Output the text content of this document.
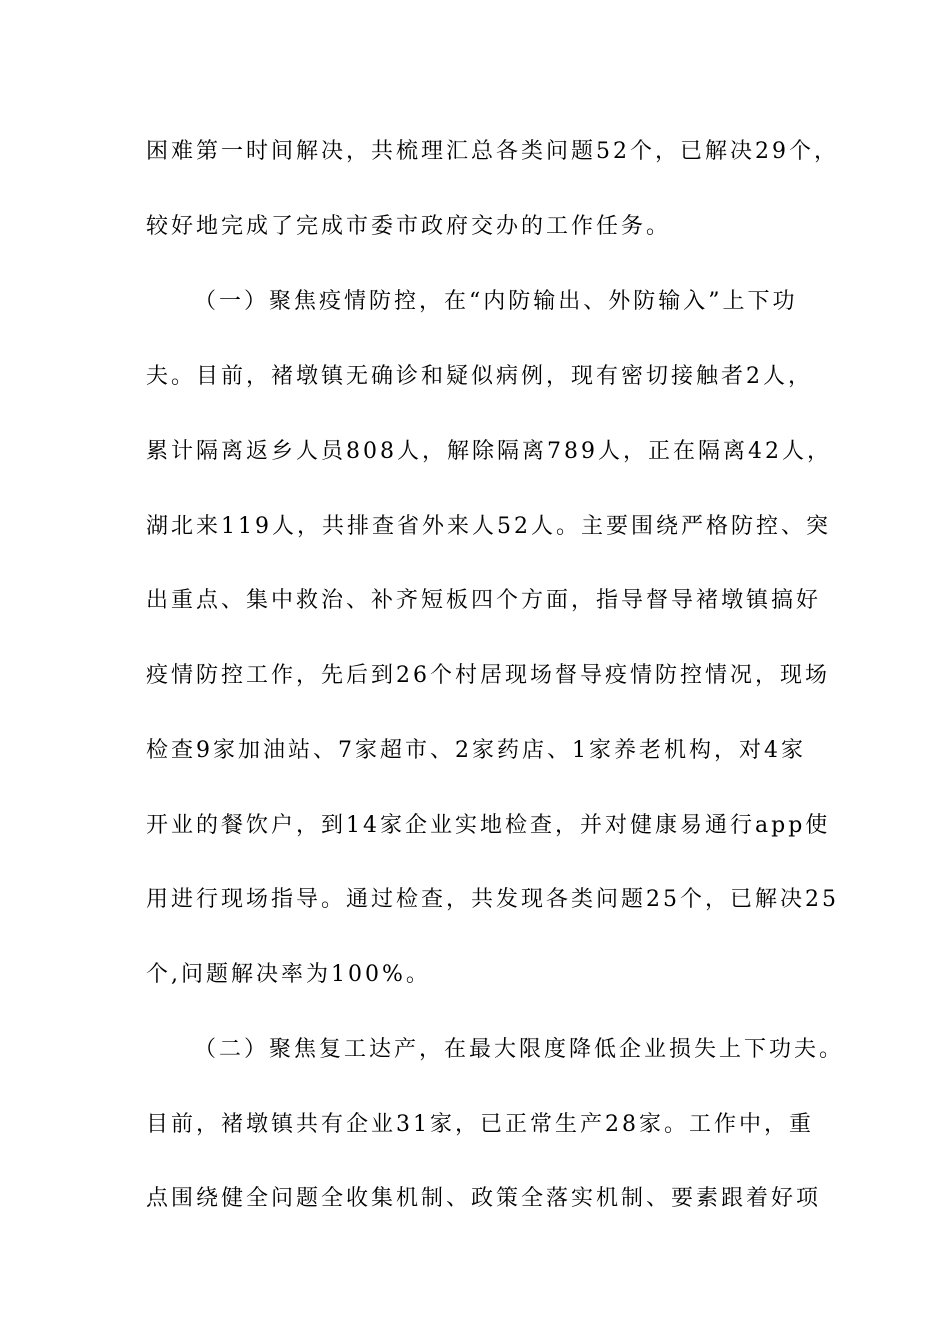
困难第一时间解决，共梳理汇总各类问题52个，已解决29个，
较好地完成了完成市委市政府交办的工作任务。
（一）聚焦疫情防控，在“内防输出、外防输入”上下功
夫。目前，褚墩镇无确诊和疑似病例，现有密切接触者2人，
累计隔离返乡人员808人，解除隔离789人，正在隔离42人，
湖北来119人，共排查省外来人52人。主要围绕严格防控、突
出重点、集中救治、补齐短板四个方面，指导督导褚墩镇搞好
疫情防控工作，先后到26个村居现场督导疫情防控情况，现场
检查9家加油站、7家超市、2家药店、1家养老机构，对4家
开业的餐饮户，到14家企业实地检查，并对健康易通行app使
用进行现场指导。通过检查，共发现各类问题25个，已解决25
个,问题解决率为100%。
（二）聚焦复工达产，在最大限度降低企业损失上下功夫。
目前，褚墩镇共有企业31家，已正常生产28家。工作中，重
点围绕健全问题全收集机制、政策全落实机制、要素跟着好项
